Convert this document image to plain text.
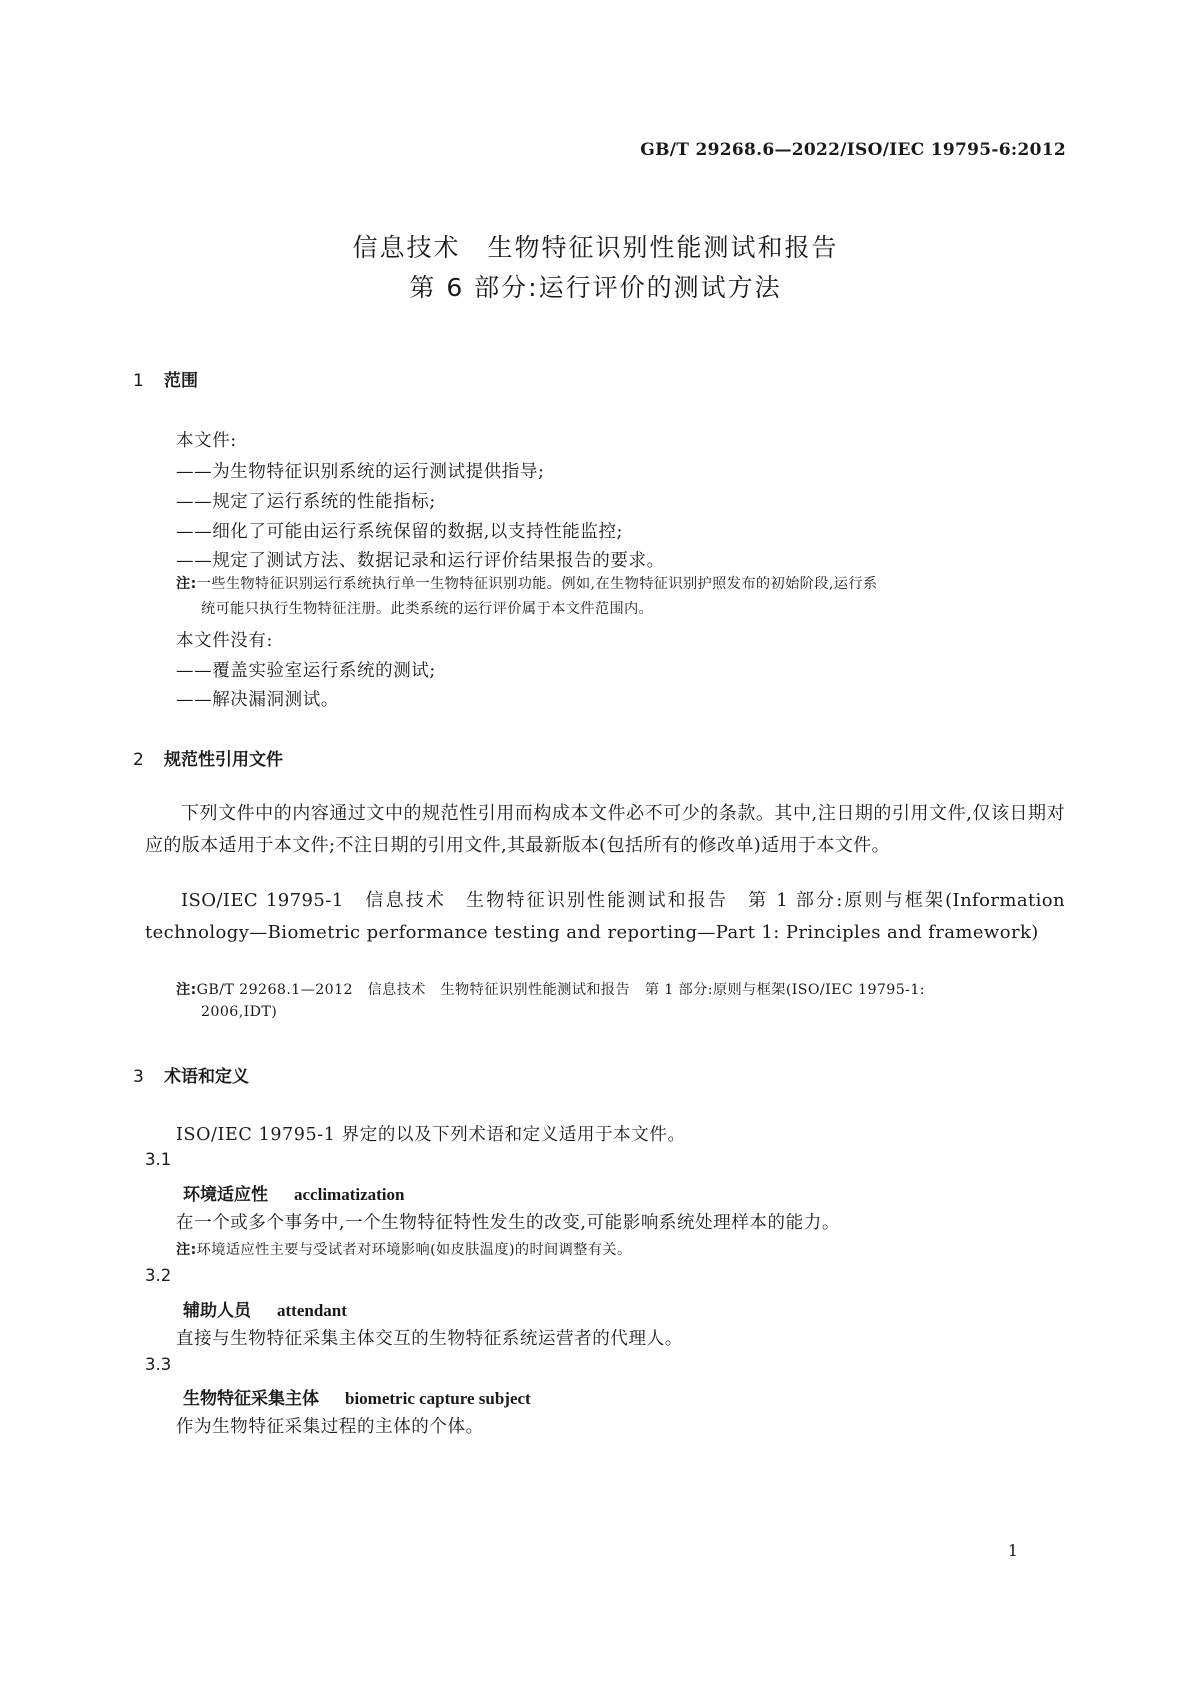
GB/T 29268.6—2022/ISO/IEC 19795-6:2012
信息技术　生物特征识别性能测试和报告
第 6 部分:运行评价的测试方法
1 范围
本文件:
——为生物特征识别系统的运行测试提供指导;
——规定了运行系统的性能指标;
——细化了可能由运行系统保留的数据,以支持性能监控;
——规定了测试方法、数据记录和运行评价结果报告的要求。
注:一些生物特征识别运行系统执行单一生物特征识别功能。例如,在生物特征识别护照发布的初始阶段,运行系
统可能只执行生物特征注册。此类系统的运行评价属于本文件范围内。
本文件没有:
——覆盖实验室运行系统的测试;
——解决漏洞测试。
2 规范性引用文件
下列文件中的内容通过文中的规范性引用而构成本文件必不可少的条款。其中,注日期的引用文件,仅该日期对应的版本适用于本文件;不注日期的引用文件,其最新版本(包括所有的修改单)适用于本文件。
ISO/IEC 19795-1　信息技术　生物特征识别性能测试和报告　第 1 部分:原则与框架(Information technology—Biometric performance testing and reporting—Part 1: Principles and framework)
注:GB/T 29268.1—2012　信息技术　生物特征识别性能测试和报告　第 1 部分:原则与框架(ISO/IEC 19795-1:
2006,IDT)
3 术语和定义
ISO/IEC 19795-1 界定的以及下列术语和定义适用于本文件。
3.1
环境适应性 acclimatization
在一个或多个事务中,一个生物特征特性发生的改变,可能影响系统处理样本的能力。
注:环境适应性主要与受试者对环境影响(如皮肤温度)的时间调整有关。
3.2
辅助人员 attendant
直接与生物特征采集主体交互的生物特征系统运营者的代理人。
3.3
生物特征采集主体 biometric capture subject
作为生物特征采集过程的主体的个体。
1
